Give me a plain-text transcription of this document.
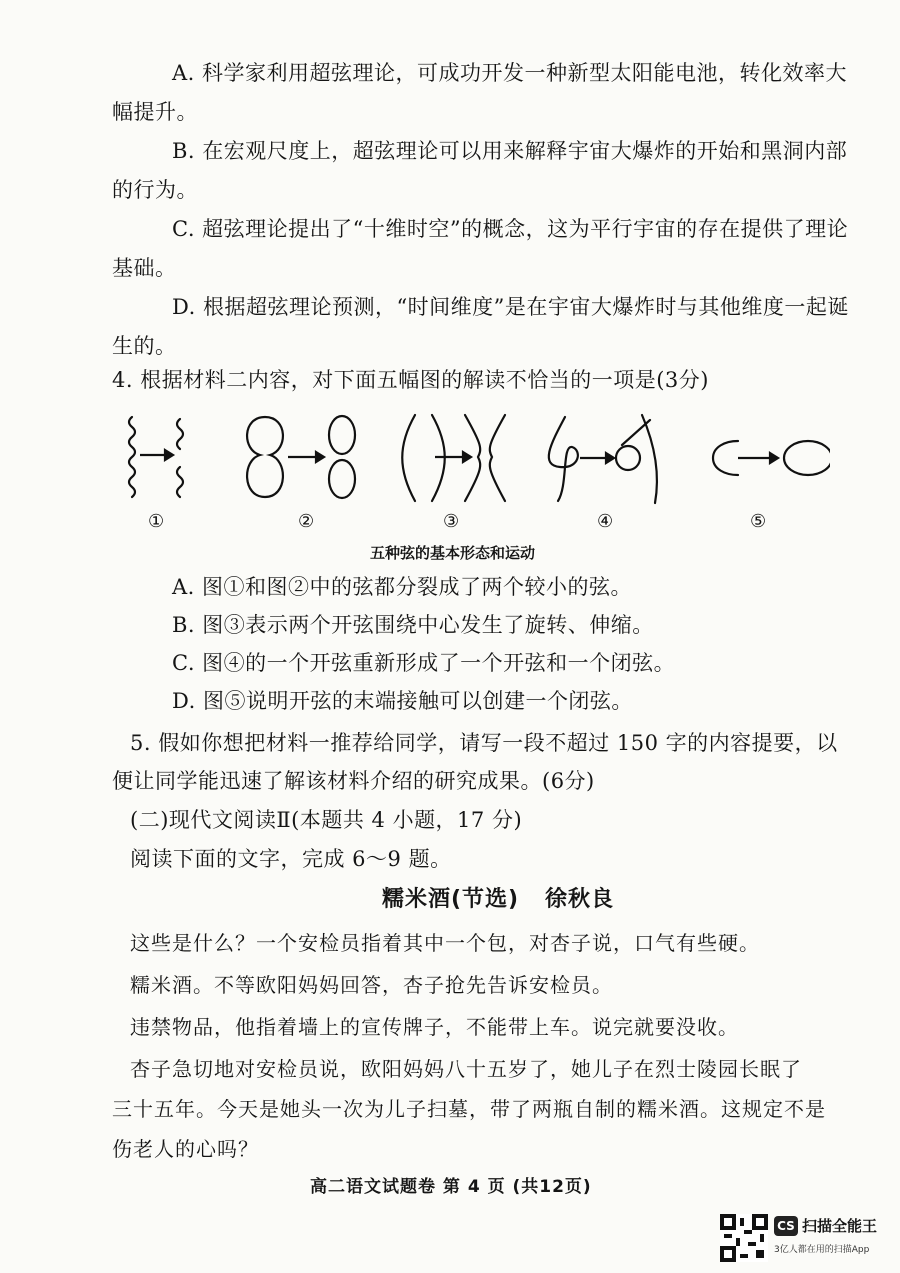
A. 科学家利用超弦理论，可成功开发一种新型太阳能电池，转化效率大
幅提升。
B. 在宏观尺度上，超弦理论可以用来解释宇宙大爆炸的开始和黑洞内部
的行为。
C. 超弦理论提出了“十维时空”的概念，这为平行宇宙的存在提供了理论
基础。
D. 根据超弦理论预测，“时间维度”是在宇宙大爆炸时与其他维度一起诞
生的。
4. 根据材料二内容，对下面五幅图的解读不恰当的一项是(3分)
①	②	③	④	⑤
五种弦的基本形态和运动
A. 图①和图②中的弦都分裂成了两个较小的弦。
B. 图③表示两个开弦围绕中心发生了旋转、伸缩。
C. 图④的一个开弦重新形成了一个开弦和一个闭弦。
D. 图⑤说明开弦的末端接触可以创建一个闭弦。
5. 假如你想把材料一推荐给同学，请写一段不超过 150 字的内容提要，以
便让同学能迅速了解该材料介绍的研究成果。(6分)
(二)现代文阅读Ⅱ(本题共 4 小题，17 分)
阅读下面的文字，完成 6～9 题。
糯米酒(节选) 徐秋良
这些是什么？一个安检员指着其中一个包，对杏子说，口气有些硬。
糯米酒。不等欧阳妈妈回答，杏子抢先告诉安检员。
违禁物品，他指着墙上的宣传牌子，不能带上车。说完就要没收。
杏子急切地对安检员说，欧阳妈妈八十五岁了，她儿子在烈士陵园长眠了
三十五年。今天是她头一次为儿子扫墓，带了两瓶自制的糯米酒。这规定不是
伤老人的心吗？
高二语文试题卷 第 4 页 (共12页)
CS 扫描全能王
3亿人都在用的扫描App
